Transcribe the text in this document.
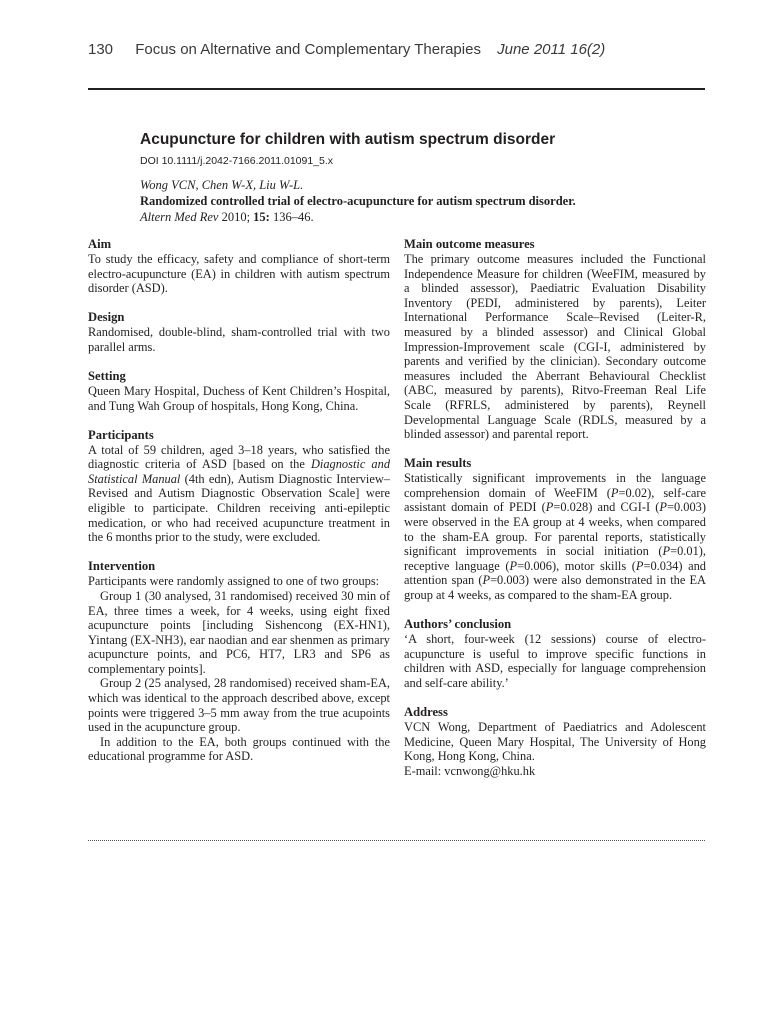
130 Focus on Alternative and Complementary Therapies June 2011 16(2)
Acupuncture for children with autism spectrum disorder

DOI 10.1111/j.2042-7166.2011.01091_5.x

Wong VCN, Chen W-X, Liu W-L.

Randomized controlled trial of electro-acupuncture for autism spectrum disorder.

Altern Med Rev 2010; 15: 136–46.

Aim

To study the efficacy, safety and compliance of short-term electro-acupuncture (EA) in children with autism spectrum disorder (ASD).

Design

Randomised, double-blind, sham-controlled trial with two parallel arms.

Setting

Queen Mary Hospital, Duchess of Kent Children’s Hospital, and Tung Wah Group of hospitals, Hong Kong, China.

Participants

A total of 59 children, aged 3–18 years, who satisfied the diagnostic criteria of ASD [based on the Diagnostic and Statistical Manual (4th edn), Autism Diagnostic Interview–Revised and Autism Diagnostic Observation Scale] were eligible to participate. Children receiving anti-epileptic medication, or who had received acupuncture treatment in the 6 months prior to the study, were excluded.

Intervention

Participants were randomly assigned to one of two groups:

Group 1 (30 analysed, 31 randomised) received 30 min of EA, three times a week, for 4 weeks, using eight fixed acupuncture points [including Sishencong (EX-HN1), Yintang (EX-NH3), ear naodian and ear shenmen as primary acupuncture points, and PC6, HT7, LR3 and SP6 as complementary points].

Group 2 (25 analysed, 28 randomised) received sham-EA, which was identical to the approach described above, except points were triggered 3–5 mm away from the true acupoints used in the acupuncture group.

In addition to the EA, both groups continued with the educational programme for ASD.

Main outcome measures

The primary outcome measures included the Functional Independence Measure for children (WeeFIM, measured by a blinded assessor), Paediatric Evaluation Disability Inventory (PEDI, administered by parents), Leiter International Performance Scale–Revised (Leiter-R, measured by a blinded assessor) and Clinical Global Impression-Improvement scale (CGI-I, administered by parents and verified by the clinician). Secondary outcome measures included the Aberrant Behavioural Checklist (ABC, measured by parents), Ritvo-Freeman Real Life Scale (RFRLS, administered by parents), Reynell Developmental Language Scale (RDLS, measured by a blinded assessor) and parental report.

Main results

Statistically significant improvements in the language comprehension domain of WeeFIM (P=0.02), self-care assistant domain of PEDI (P=0.028) and CGI-I (P=0.003) were observed in the EA group at 4 weeks, when compared to the sham-EA group. For parental reports, statistically significant improvements in social initiation (P=0.01), receptive language (P=0.006), motor skills (P=0.034) and attention span (P=0.003) were also demonstrated in the EA group at 4 weeks, as compared to the sham-EA group.

Authors’ conclusion

‘A short, four-week (12 sessions) course of electro-acupuncture is useful to improve specific functions in children with ASD, especially for language comprehension and self-care ability.’

Address

VCN Wong, Department of Paediatrics and Adolescent Medicine, Queen Mary Hospital, The University of Hong Kong, Hong Kong, China.

E-mail: vcnwong@hku.hk
